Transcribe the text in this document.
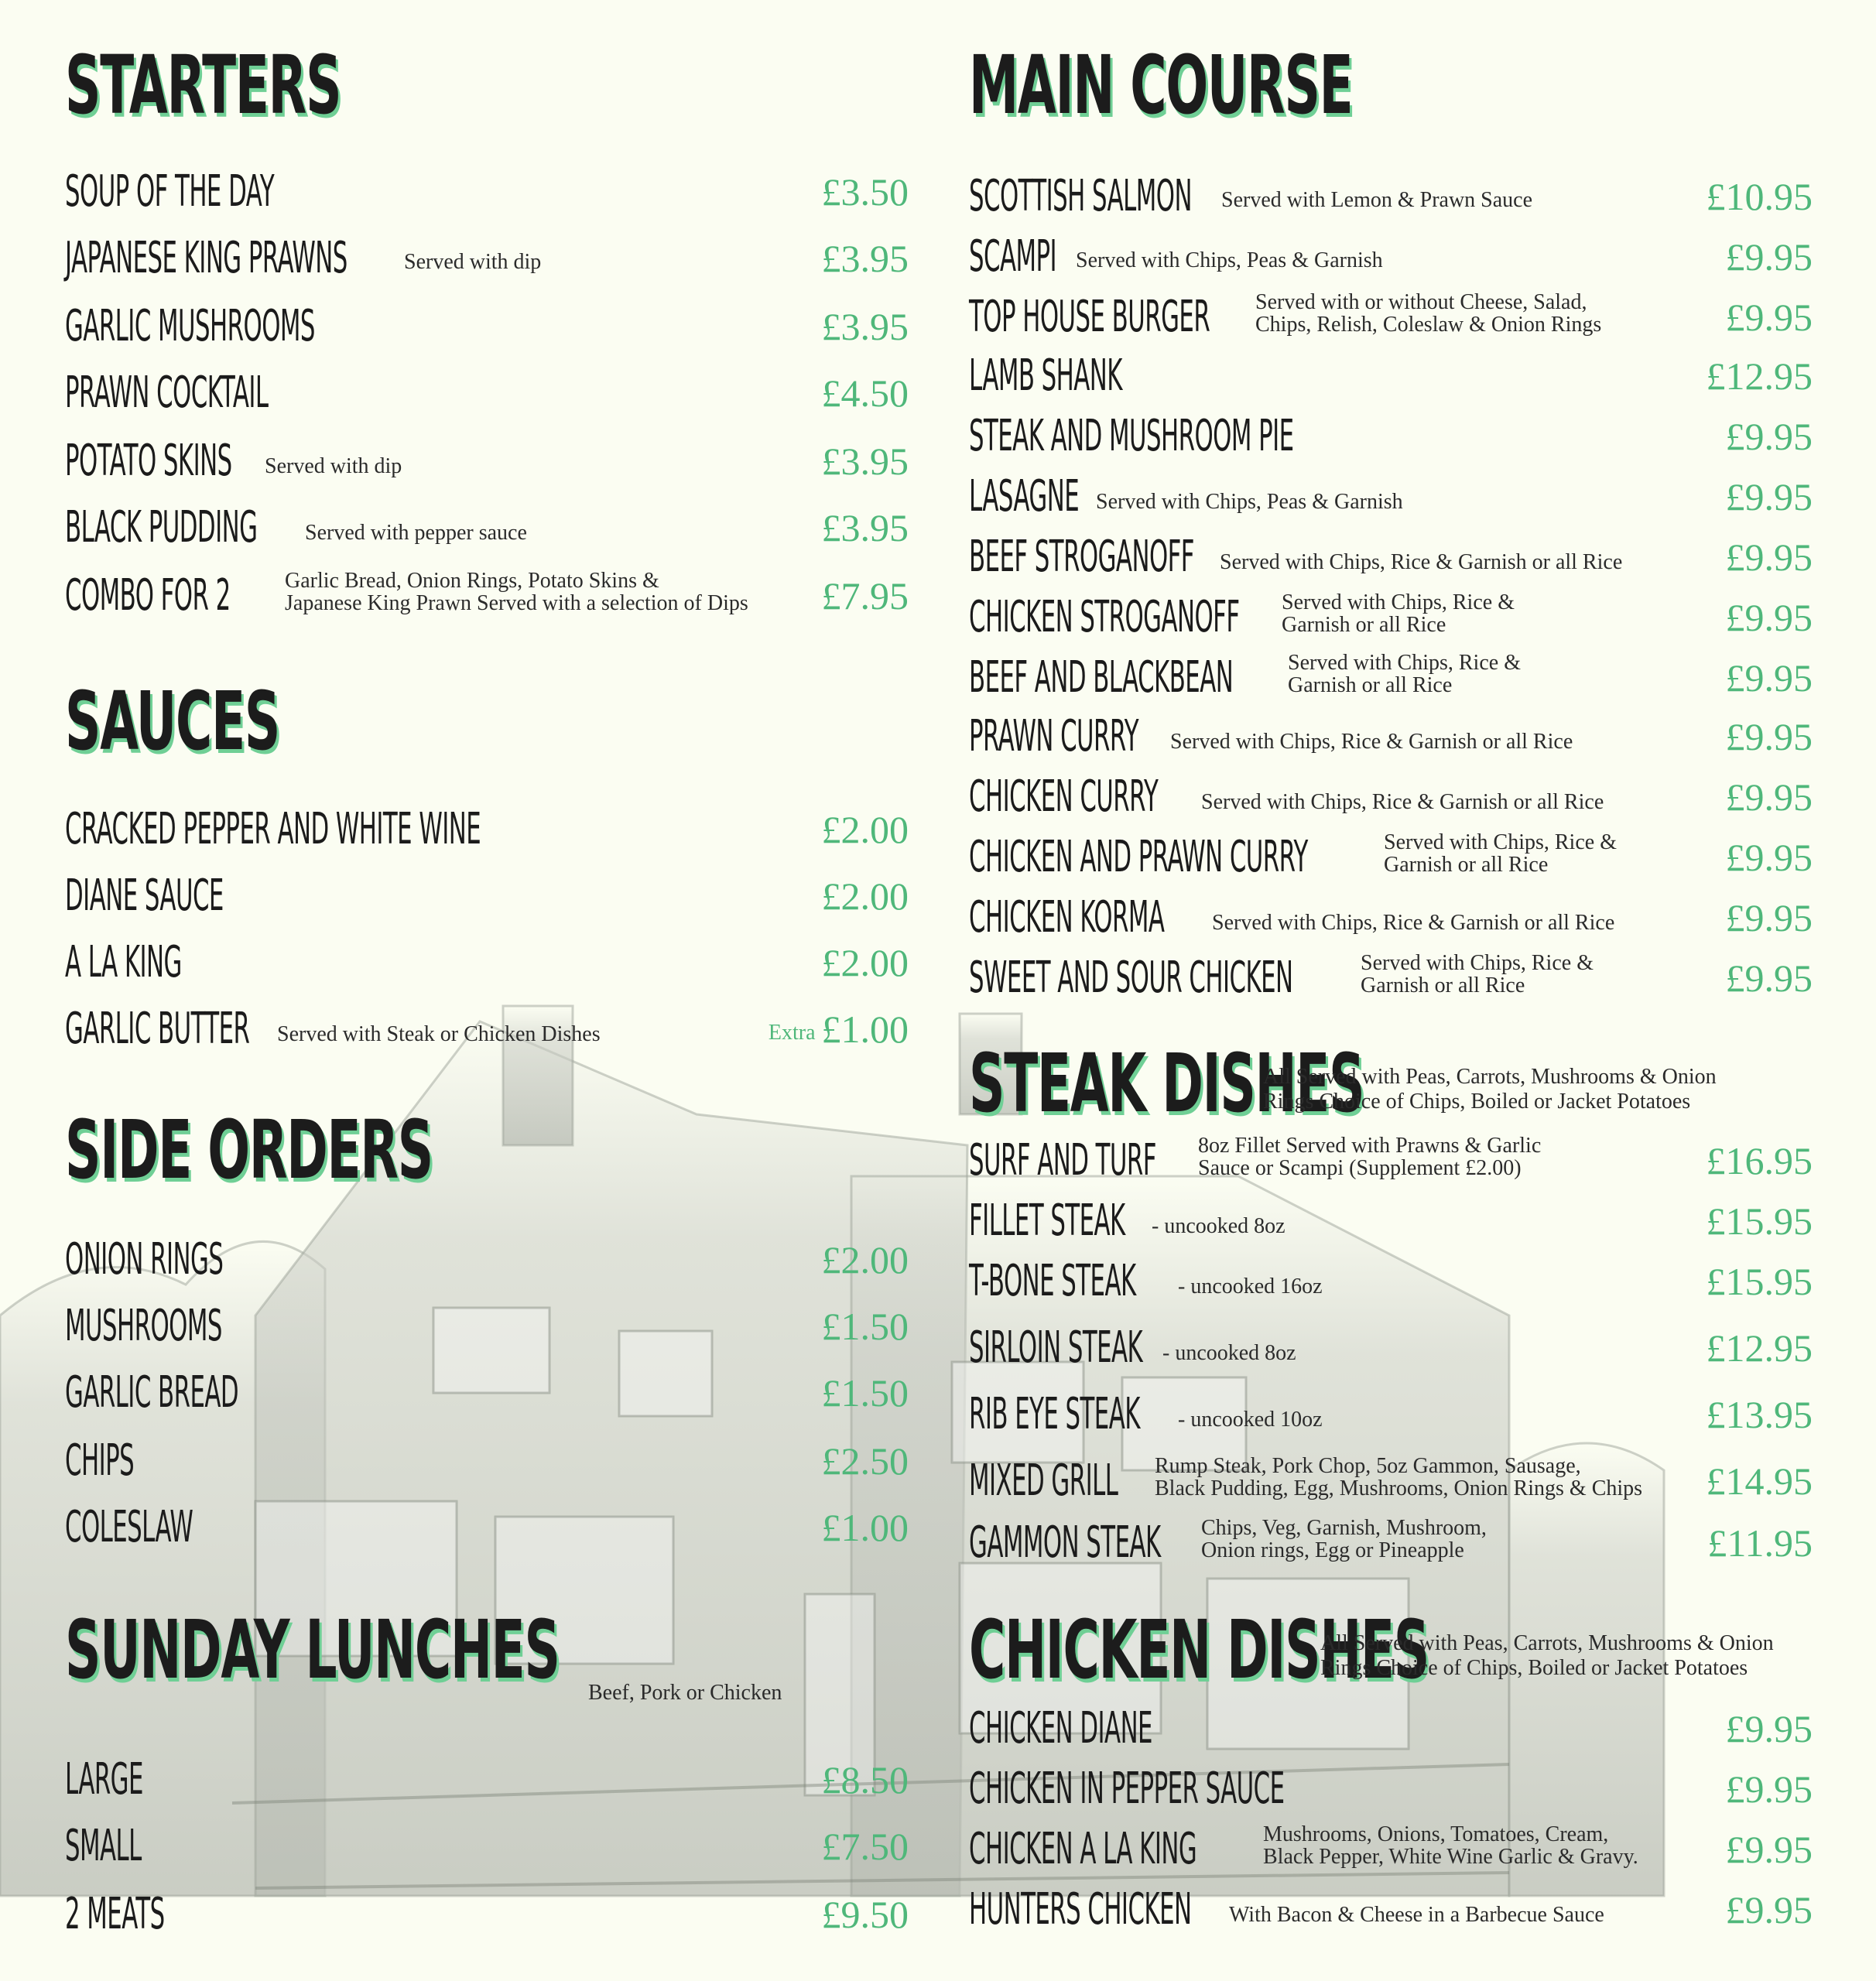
STARTERS
SOUP OF THE DAY	£3.50
JAPANESE KING PRAWNS	Served with dip	£3.95
GARLIC MUSHROOMS	£3.95
PRAWN COCKTAIL	£4.50
POTATO SKINS Served with dip	£3.95
BLACK PUDDING Served with pepper sauce	£3.95
COMBO FOR 2	Garlic Bread, Onion Rings, Potato Skins &
Japanese King Prawn Served with a selection of Dips £7.95
SAUCES
CRACKED PEPPER AND WHITE WINE	£2.00
DIANE SAUCE	£2.00
A LA KING	£2.00
GARLIC BUTTER Served with Steak or Chicken Dishes	Extra £1.00
SIDE ORDERS
ONION RINGS	£2.00
MUSHROOMS	£1.50
GARLIC BREAD	£1.50
CHIPS	£2.50
COLESLAW	£1.00
SUNDAY LUNCHES Beef, Pork or Chicken
LARGE	£8.50
SMALL	£7.50
2 MEATS	£9.50
MAIN COURSE
SCOTTISH SALMON Served with Lemon & Prawn Sauce	£10.95
SCAMPI Served with Chips, Peas & Garnish	£9.95
TOP HOUSE BURGER Served with or without Cheese, Salad,
Chips, Relish, Coleslaw & Onion Rings	£9.95
LAMB SHANK	£12.95
STEAK AND MUSHROOM PIE	£9.95
LASAGNE Served with Chips, Peas & Garnish	£9.95
BEEF STROGANOFF Served with Chips, Rice & Garnish or all Rice	£9.95
CHICKEN STROGANOFF Served with Chips, Rice &
Garnish or all Rice	£9.95
BEEF AND BLACKBEAN	Served with Chips, Rice &
Garnish or all Rice	£9.95
PRAWN CURRY Served with Chips, Rice & Garnish or all Rice	£9.95
CHICKEN CURRY Served with Chips, Rice & Garnish or all Rice	£9.95
CHICKEN AND PRAWN CURRY	Served with Chips, Rice &
Garnish or all Rice	£9.95
CHICKEN KORMA Served with Chips, Rice & Garnish or all Rice	£9.95
SWEET AND SOUR CHICKEN	Served with Chips, Rice &
Garnish or all Rice	£9.95
STEAK DISHES
All Served with Peas, Carrots, Mushrooms & Onion
Rings Choice of Chips, Boiled or Jacket Potatoes
SURF AND TURF 8oz Fillet Served with Prawns & Garlic
Sauce or Scampi (Supplement £2.00)	£16.95
FILLET STEAK - uncooked 8oz	£15.95
T-BONE STEAK - uncooked 16oz	£15.95
SIRLOIN STEAK - uncooked 8oz	£12.95
RIB EYE STEAK - uncooked 10oz	£13.95
MIXED GRILL Rump Steak, Pork Chop, 5oz Gammon, Sausage,
Black Pudding, Egg, Mushrooms, Onion Rings & Chips £14.95
GAMMON STEAK Chips, Veg, Garnish, Mushroom,
Onion rings, Egg or Pineapple	£11.95
CHICKEN DISHES
All Served with Peas, Carrots, Mushrooms & Onion
Rings Choice of Chips, Boiled or Jacket Potatoes
CHICKEN DIANE	£9.95
CHICKEN IN PEPPER SAUCE	£9.95
CHICKEN A LA KING	Mushrooms, Onions, Tomatoes, Cream,
Black Pepper, White Wine Garlic & Gravy. £9.95
HUNTERS CHICKEN With Bacon & Cheese in a Barbecue Sauce	£9.95
